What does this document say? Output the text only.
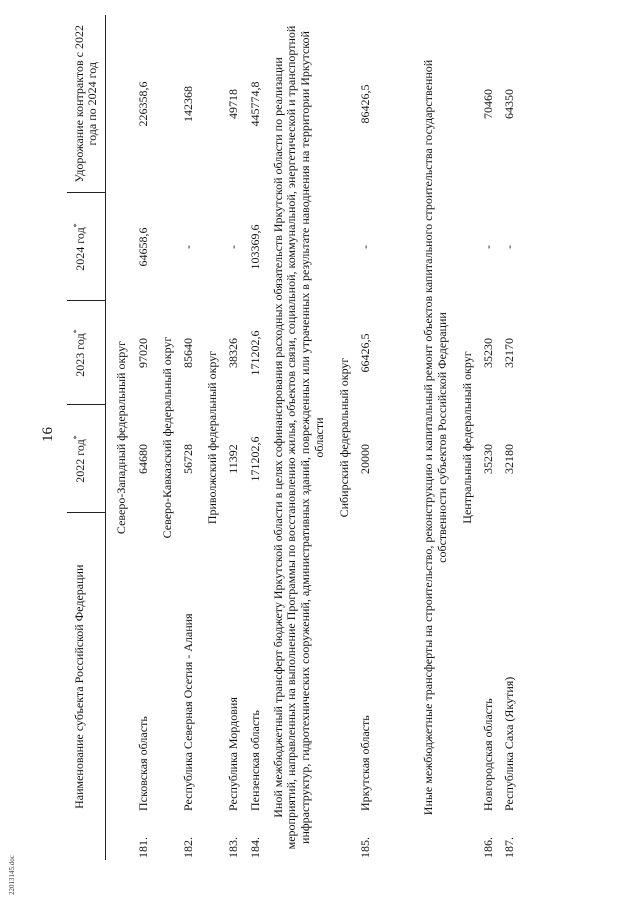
16
22013145.doc
Наименование субъекта Российской Федерации		2022 год*	2023 год*	2024 год*	Удорожание контрактов с 2022 года по 2024 год
Северо-Западный федеральный округ					
181.	Псковская область	64680	97020	64658,6	226358,6
Северо-Кавказский федеральный округ					
182.	Республика Северная Осетия - Алания	56728	85640	-	142368
Приволжский федеральный округ					
183.	Республика Мордовия	11392	38326	-	49718
184.	Пензенская область	171202,6	171202,6	103369,6	445774,8
Иной межбюджетный трансферт бюджету Иркутской области в целях софинансирования расходных обязательств Иркутской области по реализации мероприятий, направленных на выполнение Программы по восстановлению жилья, объектов связи, социальной, коммунальной, энергетической и транспортной инфраструктур, гидротехнических сооружений, административных зданий, поврежденных или утраченных в результате наводнения на территории Иркутской области					
Сибирский федеральный округ					
185.	Иркутская область	20000	66426,5	-	86426,5

Иные межбюджетные трансферты на строительство, реконструкцию и капитальный ремонт объектов капитального строительства государственной собственности субъектов Российской Федерации					
Центральный федеральный округ					
186.	Новгородская область	35230	35230	-	70460
187.	Республика Саха (Якутия)	32180	32170	-	64350
